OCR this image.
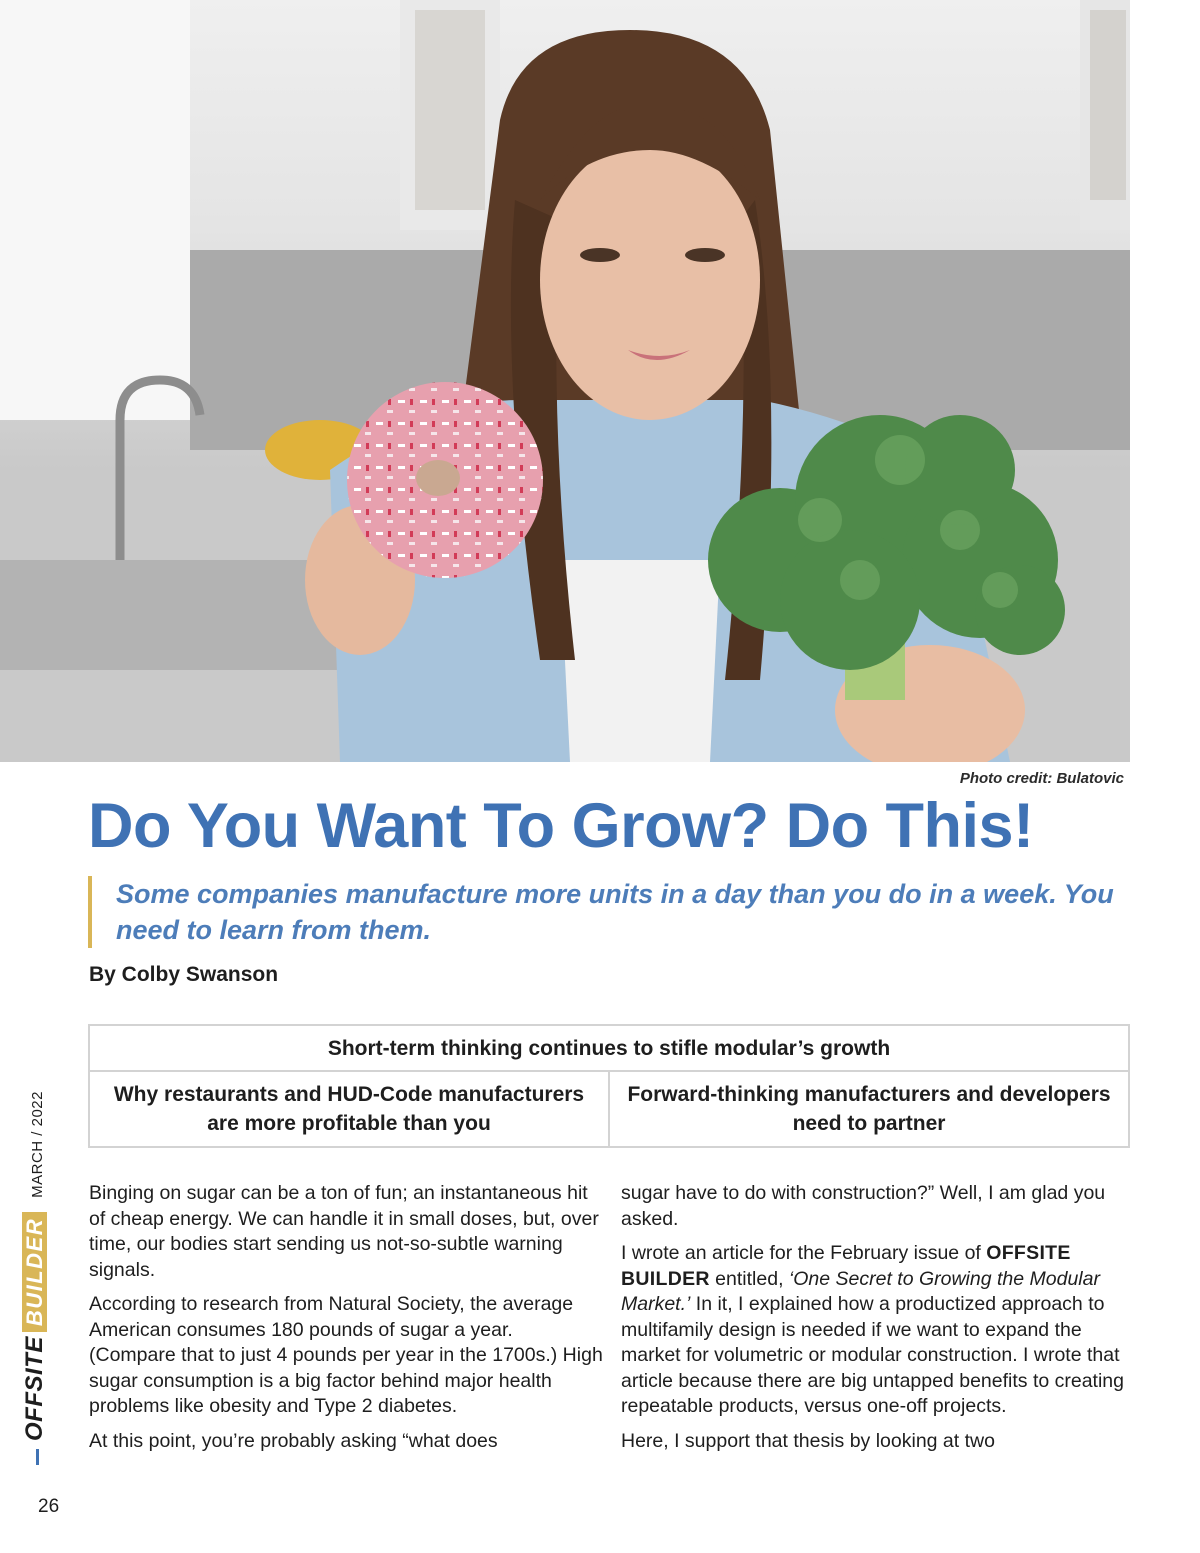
Photo credit: Bulatovic
Do You Want To Grow? Do This!

Some companies manufacture more units in a day than you do in a week. You need to learn from them.

By Colby Swanson
Short-term thinking continues to stifle modular’s growth
Why restaurants and HUD-Code manufacturers are more profitable than you	Forward-thinking manufacturers and developers need to partner

Binging on sugar can be a ton of fun; an instantaneous hit of cheap energy. We can handle it in small doses, but, over time, our bodies start sending us not-so-subtle warning signals.

According to research from Natural Society, the average American consumes 180 pounds of sugar a year. (Compare that to just 4 pounds per year in the 1700s.) High sugar consumption is a big factor behind major health problems like obesity and Type 2 diabetes.

At this point, you’re probably asking “what does

sugar have to do with construction?” Well, I am glad you asked.

I wrote an article for the February issue of OFFSITE BUILDER entitled, ‘One Secret to Growing the Modular Market.’ In it, I explained how a productized approach to multifamily design is needed if we want to expand the market for volumetric or modular construction. I wrote that article because there are big untapped benefits to creating repeatable products, versus one-off projects.

Here, I support that thesis by looking at two

OFFSITEBUILDERMARCH / 2022
26
